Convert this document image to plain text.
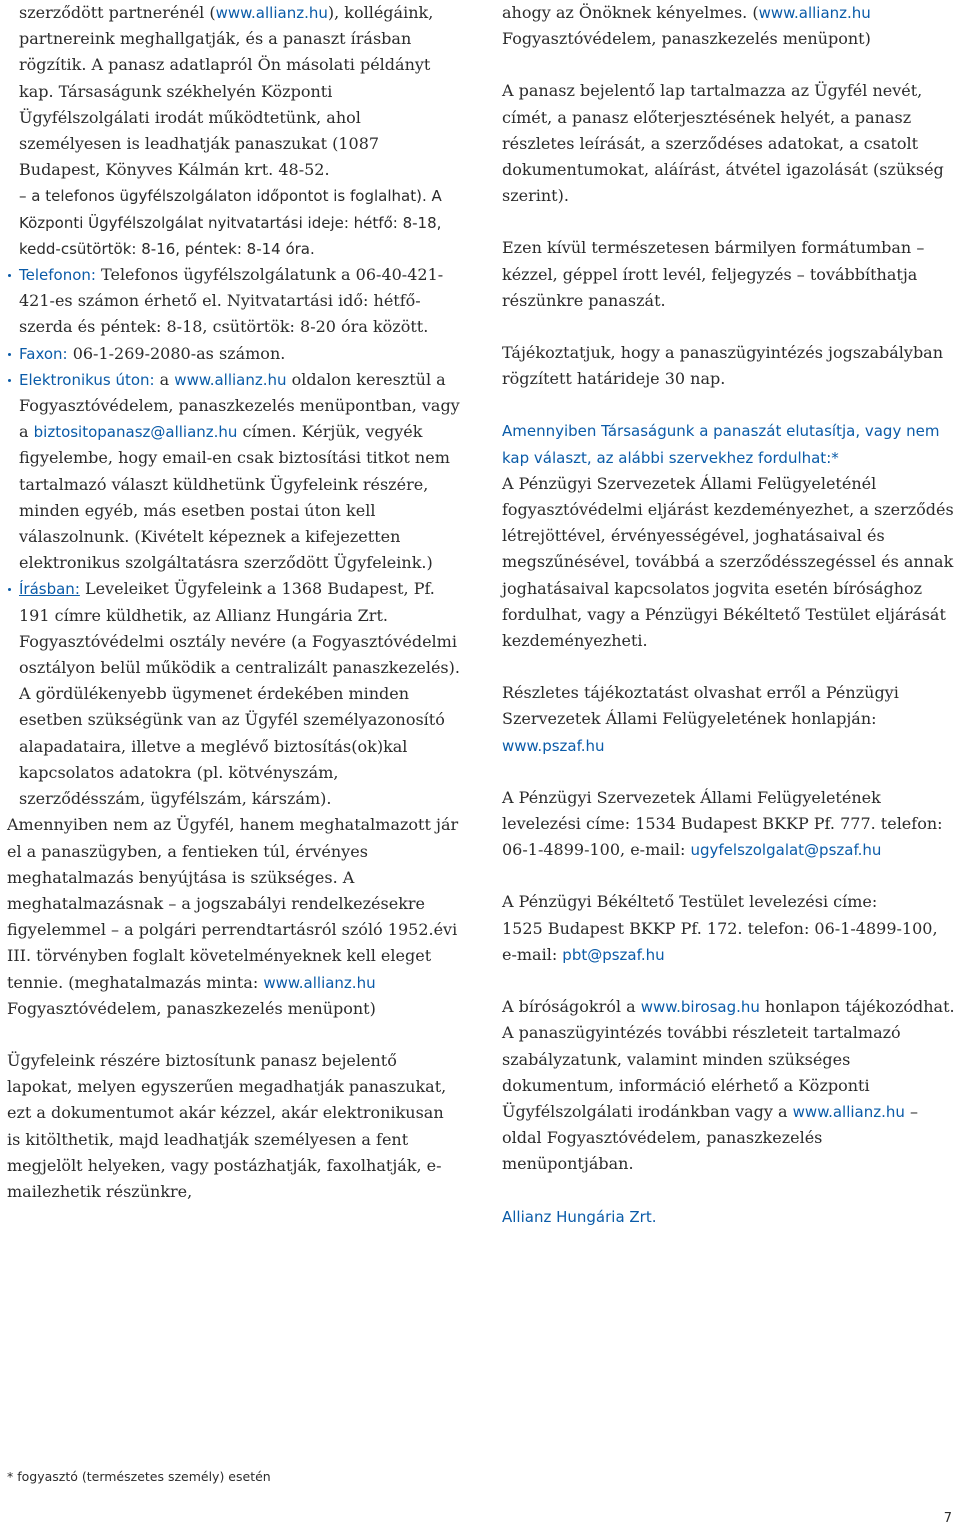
szerződött partnerénél (www.allianz.hu), kollégáink, partnereink meghallgatják, és a panaszt írásban rögzítik. A panasz adatlapról Ön másolati példányt kap. Társaságunk székhelyén Központi Ügyfélszolgálati irodát működtetünk, ahol személyesen is leadhatják panaszukat (1087 Budapest, Könyves Kálmán krt. 48-52.

– a telefonos ügyfélszolgálaton időpontot is foglalhat). A Központi Ügyfélszolgálat nyitvatartási ideje: hétfő: 8-18, kedd-csütörtök: 8-16, péntek: 8-14 óra.

Telefonon: Telefonos ügyfélszolgálatunk a 06-40-421-421-es számon érhető el. Nyitvatartási idő: hétfő-szerda és péntek: 8-18, csütörtök: 8-20 óra között.

Faxon: 06-1-269-2080-as számon.

Elektronikus úton: a www.allianz.hu oldalon keresztül a Fogyasztóvédelem, panaszkezelés menüpontban, vagy a biztositopanasz@allianz.hu címen. Kérjük, vegyék figyelembe, hogy email-en csak biztosítási titkot nem tartalmazó választ küldhetünk Ügyfeleink részére, minden egyéb, más esetben postai úton kell válaszolnunk. (Kivételt képeznek a kifejezetten elektronikus szolgáltatásra szerződött Ügyfeleink.)

Írásban: Leveleiket Ügyfeleink a 1368 Budapest, Pf. 191 címre küldhetik, az Allianz Hungária Zrt. Fogyasztóvédelmi osztály nevére (a Fogyasztóvédelmi osztályon belül működik a centralizált panaszkezelés). A gördülékenyebb ügymenet érdekében minden esetben szükségünk van az Ügyfél személyazonosító alapadataira, illetve a meglévő biztosítás(ok)kal kapcsolatos adatokra (pl. kötvényszám, szerződésszám, ügyfélszám, kárszám).

Amennyiben nem az Ügyfél, hanem meghatalmazott jár el a panaszügyben, a fentieken túl, érvényes meghatalmazás benyújtása is szükséges. A meghatalmazásnak – a jogszabályi rendelkezésekre figyelemmel – a polgári perrendtartásról szóló 1952.évi III. törvényben foglalt követelményeknek kell eleget tennie. (meghatalmazás minta: www.allianz.hu Fogyasztóvédelem, panaszkezelés menüpont)

Ügyfeleink részére biztosítunk panasz bejelentő lapokat, melyen egyszerűen megadhatják panaszukat, ezt a dokumentumot akár kézzel, akár elektronikusan is kitölthetik, majd leadhatják személyesen a fent megjelölt helyeken, vagy postázhatják, faxolhatják, e-mailezhetik részünkre,

ahogy az Önöknek kényelmes. (www.allianz.hu Fogyasztóvédelem, panaszkezelés menüpont)

A panasz bejelentő lap tartalmazza az Ügyfél nevét, címét, a panasz előterjesztésének helyét, a panasz részletes leírását, a szerződéses adatokat, a csatolt dokumentumokat, aláírást, átvétel igazolását (szükség szerint).

Ezen kívül természetesen bármilyen formátumban – kézzel, géppel írott levél, feljegyzés – továbbíthatja részünkre panaszát.

Tájékoztatjuk, hogy a panaszügyintézés jogszabályban rögzített határideje 30 nap.

Amennyiben Társaságunk a panaszát elutasítja, vagy nem kap választ, az alábbi szervekhez fordulhat:*

A Pénzügyi Szervezetek Állami Felügyeleténél fogyasztóvédelmi eljárást kezdeményezhet, a szerződés létrejöttével, érvényességével, joghatásaival és megszűnésével, továbbá a szerződésszegéssel és annak joghatásaival kapcsolatos jogvita esetén bírósághoz fordulhat, vagy a Pénzügyi Békéltető Testület eljárását kezdeményezheti.

Részletes tájékoztatást olvashat erről a Pénzügyi Szervezetek Állami Felügyeletének honlapján: www.pszaf.hu

A Pénzügyi Szervezetek Állami Felügyeletének levelezési címe: 1534 Budapest BKKP Pf. 777. telefon: 06-1-4899-100, e-mail: ugyfelszolgalat@pszaf.hu

A Pénzügyi Békéltető Testület levelezési címe:
1525 Budapest BKKP Pf. 172. telefon: 06-1-4899-100,
e-mail: pbt@pszaf.hu

A bíróságokról a www.birosag.hu honlapon tájékozódhat. A panaszügyintézés további részleteit tartalmazó szabályzatunk, valamint minden szükséges dokumentum, információ elérhető a Központi Ügyfélszolgálati irodánkban vagy a www.allianz.hu – oldal Fogyasztóvédelem, panaszkezelés menüpontjában.

Allianz Hungária Zrt.

* fogyasztó (természetes személy) esetén
7
